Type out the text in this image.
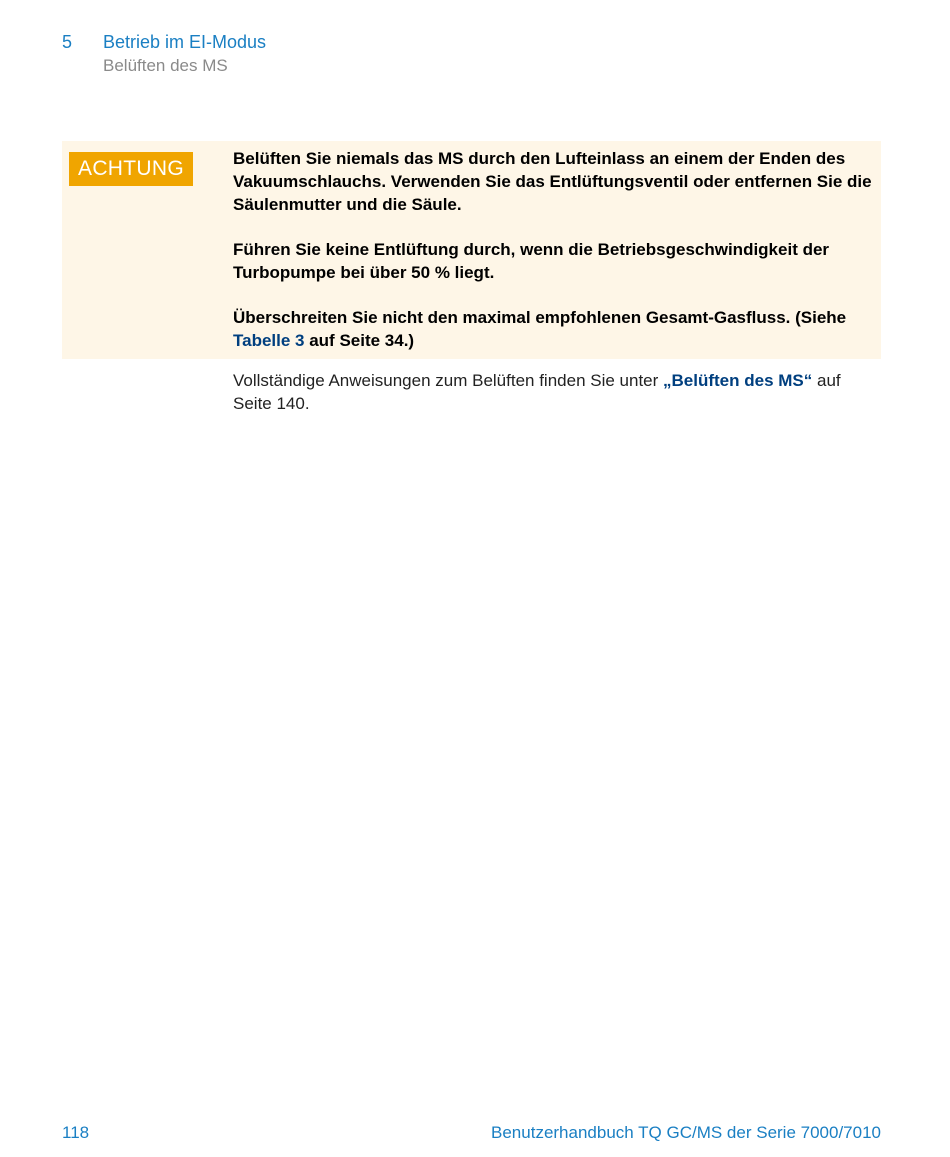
5	Betrieb im EI-Modus
Belüften des MS
ACHTUNG	Belüften Sie niemals das MS durch den Lufteinlass an einem der Enden des Vakuumschlauchs. Verwenden Sie das Entlüftungsventil oder entfernen Sie die Säulenmutter und die Säule.

Führen Sie keine Entlüftung durch, wenn die Betriebsgeschwindigkeit der Turbopumpe bei über 50 % liegt.

Überschreiten Sie nicht den maximal empfohlenen Gesamt-Gasfluss. (Siehe Tabelle 3 auf Seite 34.)

Vollständige Anweisungen zum Belüften finden Sie unter „Belüften des MS“ auf Seite 140.
118	Benutzerhandbuch TQ GC/MS der Serie 7000/7010
